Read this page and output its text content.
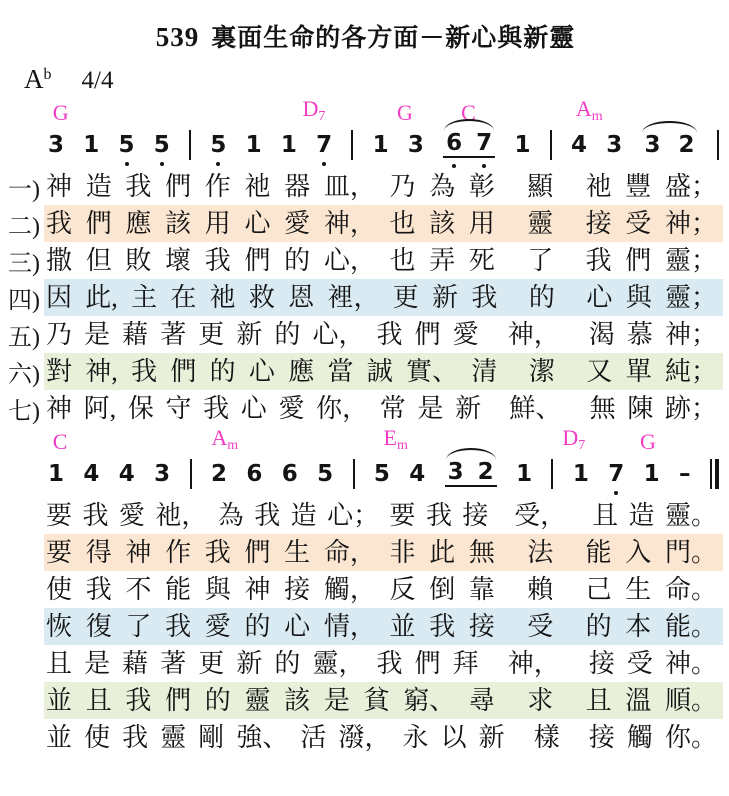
539 裏面生命的各方面－新心與新靈
$A^b$ 4/4
G	$D_7$	G C	$A_m$
3 1 5 5 5 1 1 7 1 3 6 7 1 4 3 3 2
一) 神 造 我 們 作 祂 器 皿， 乃 為 彰 顯 祂 豐 盛；
二) 我 們 應 該 用 心 愛 神， 也 該 用 靈 接 受 神；
三) 撒 但 敗 壞 我 們 的 心， 也 弄 死 了 我 們 靈；
四) 因 此, 主 在 祂 救 恩 裡， 更 新 我 的 心 與 靈；
五) 乃 是 藉 著 更 新 的 心， 我 們 愛 神， 渴 慕 神；
六) 對 神, 我 們 的 心 應 當 誠 實、 清 潔 又 單 純；
七) 神 阿, 保 守 我 心 愛 你， 常 是 新 鮮、 無 陳 跡；
C	$A_m$	$E_m$	$D_7$ G
1 4 4 3 2 6 6 5 5 4 3 2 1 1 7 1 –
要 我 愛 祂， 為 我 造 心； 要 我 接 受， 且 造 靈。
要 得 神 作 我 們 生 命， 非 此 無 法 能 入 門。
使 我 不 能 與 神 接 觸， 反 倒 靠 賴 己 生 命。
恢 復 了 我 愛 的 心 情， 並 我 接 受 的 本 能。
且 是 藉 著 更 新 的 靈， 我 們 拜 神， 接 受 神。
並 且 我 們 的 靈 該 是 貧 窮、 尋 求 且 溫 順。
並 使 我 靈 剛 強、 活 潑， 永 以 新 樣 接 觸 你。
